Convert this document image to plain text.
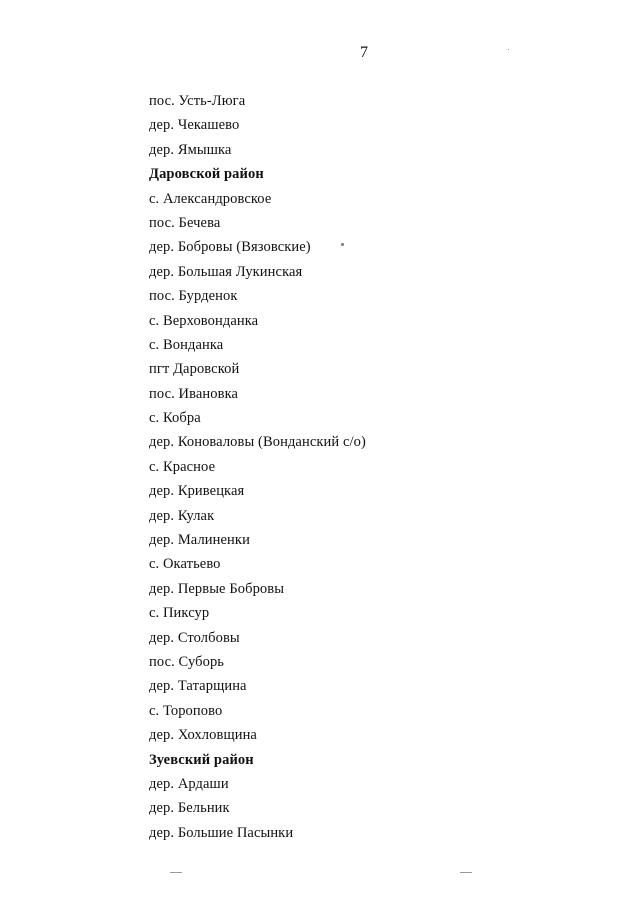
7
пос. Усть-Люга
дер. Чекашево
дер. Ямышка
Даровской район
с. Александровское
пос. Бечева
дер. Бобровы (Вязовские)
дер. Большая Лукинская
пос. Бурденок
с. Верховонданка
с. Вонданка
пгт Даровской
пос. Ивановка
с. Кобра
дер. Коноваловы (Вонданский с/о)
с. Красное
дер. Кривецкая
дер. Кулак
дер. Малиненки
с. Окатьево
дер. Первые Бобровы
с. Пиксур
дер. Столбовы
пос. Суборь
дер. Татарщина
с. Торопово
дер. Хохловщина
Зуевский район
дер. Ардаши
дер. Бельник
дер. Большие Пасынки
